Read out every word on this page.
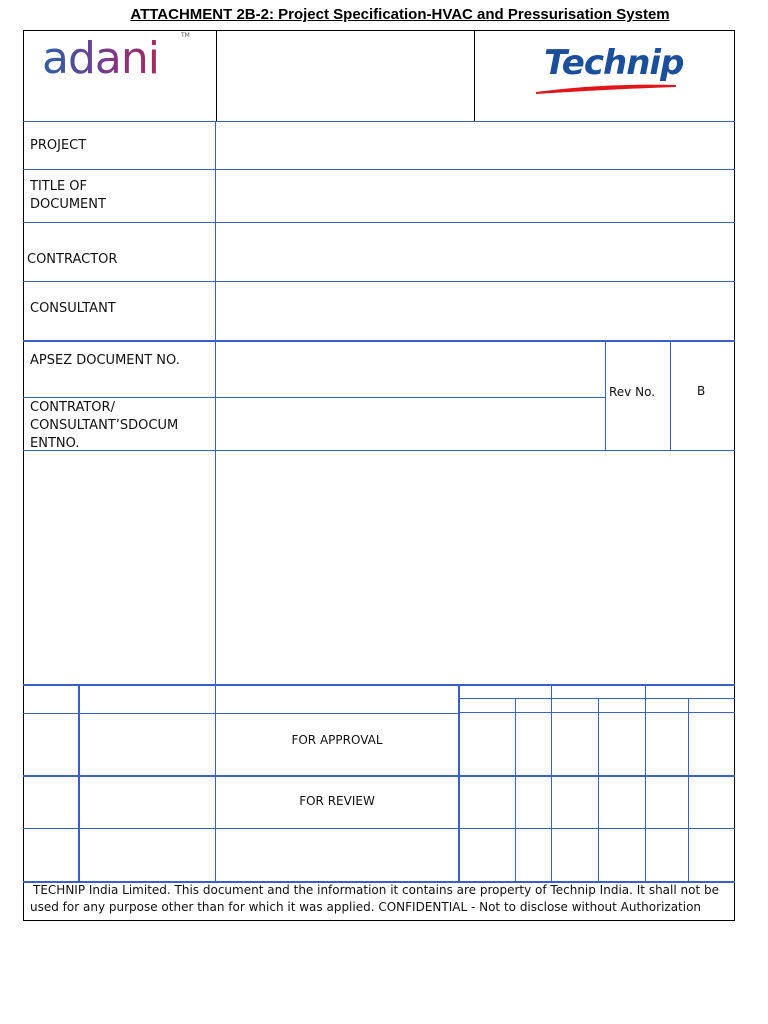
ATTACHMENT 2B-2: Project Specification-HVAC and Pressurisation System
adani	TM
Technip
PROJECT
TITLE OF
DOCUMENT
CONTRACTOR
CONSULTANT
APSEZ DOCUMENT NO.
CONTRATOR/
CONSULTANT’SDOCUM
ENTNO.
Rev No.	B
FOR APPROVAL
FOR REVIEW
TECHNIP India Limited. This document and the information it contains are property of Technip India. It shall not be
used for any purpose other than for which it was applied. CONFIDENTIAL - Not to disclose without Authorization
